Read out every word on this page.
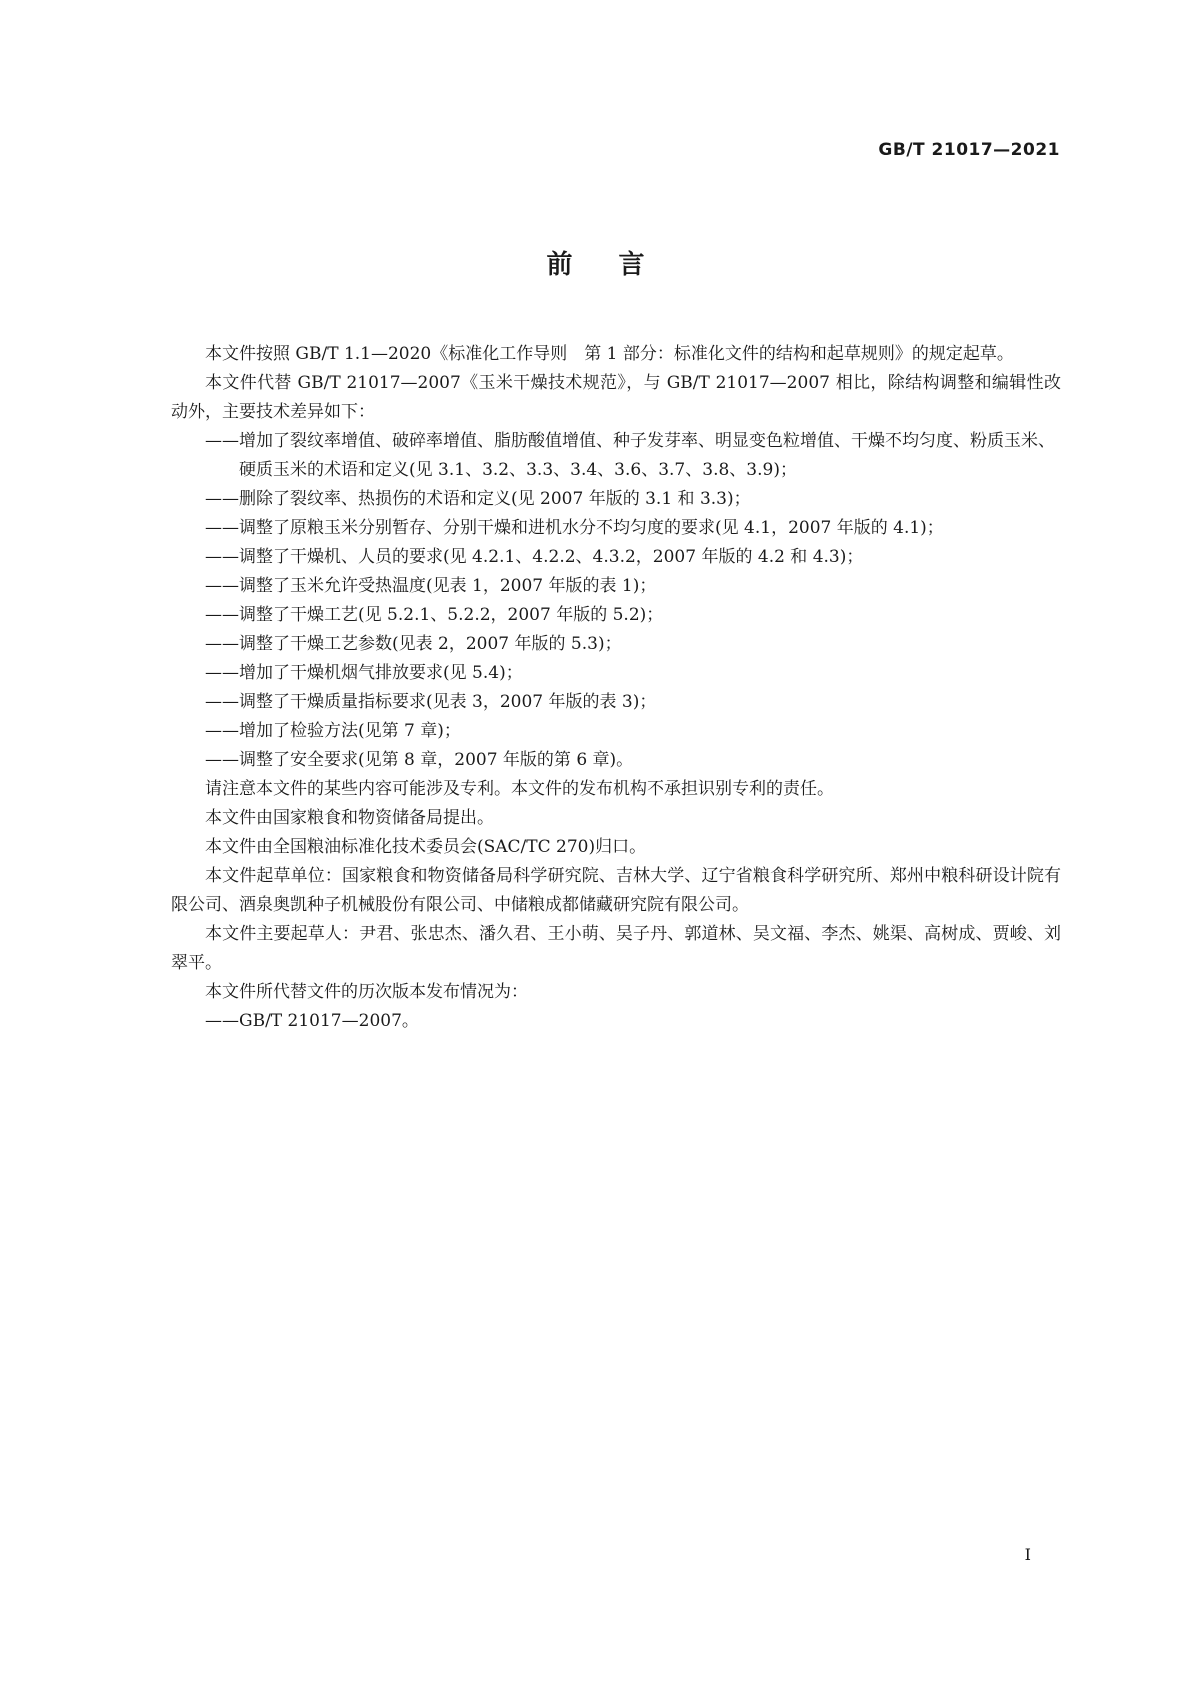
GB/T 21017—2021

前言

本文件按照 GB/T 1.1—2020《标准化工作导则　第 1 部分：标准化文件的结构和起草规则》的规定起草。

本文件代替 GB/T 21017—2007《玉米干燥技术规范》，与 GB/T 21017—2007 相比，除结构调整和编辑性改动外，主要技术差异如下：

——增加了裂纹率增值、破碎率增值、脂肪酸值增值、种子发芽率、明显变色粒增值、干燥不均匀度、粉质玉米、硬质玉米的术语和定义(见 3.1、3.2、3.3、3.4、3.6、3.7、3.8、3.9)；
——删除了裂纹率、热损伤的术语和定义(见 2007 年版的 3.1 和 3.3)；
——调整了原粮玉米分别暂存、分别干燥和进机水分不均匀度的要求(见 4.1，2007 年版的 4.1)；
——调整了干燥机、人员的要求(见 4.2.1、4.2.2、4.3.2，2007 年版的 4.2 和 4.3)；
——调整了玉米允许受热温度(见表 1，2007 年版的表 1)；
——调整了干燥工艺(见 5.2.1、5.2.2，2007 年版的 5.2)；
——调整了干燥工艺参数(见表 2，2007 年版的 5.3)；
——增加了干燥机烟气排放要求(见 5.4)；
——调整了干燥质量指标要求(见表 3，2007 年版的表 3)；
——增加了检验方法(见第 7 章)；
——调整了安全要求(见第 8 章，2007 年版的第 6 章)。

请注意本文件的某些内容可能涉及专利。本文件的发布机构不承担识别专利的责任。

本文件由国家粮食和物资储备局提出。

本文件由全国粮油标准化技术委员会(SAC/TC 270)归口。

本文件起草单位：国家粮食和物资储备局科学研究院、吉林大学、辽宁省粮食科学研究所、郑州中粮科研设计院有限公司、酒泉奥凯种子机械股份有限公司、中储粮成都储藏研究院有限公司。

本文件主要起草人：尹君、张忠杰、潘久君、王小萌、吴子丹、郭道林、吴文福、李杰、姚渠、高树成、贾峻、刘翠平。

本文件所代替文件的历次版本发布情况为：

——GB/T 21017—2007。

I
